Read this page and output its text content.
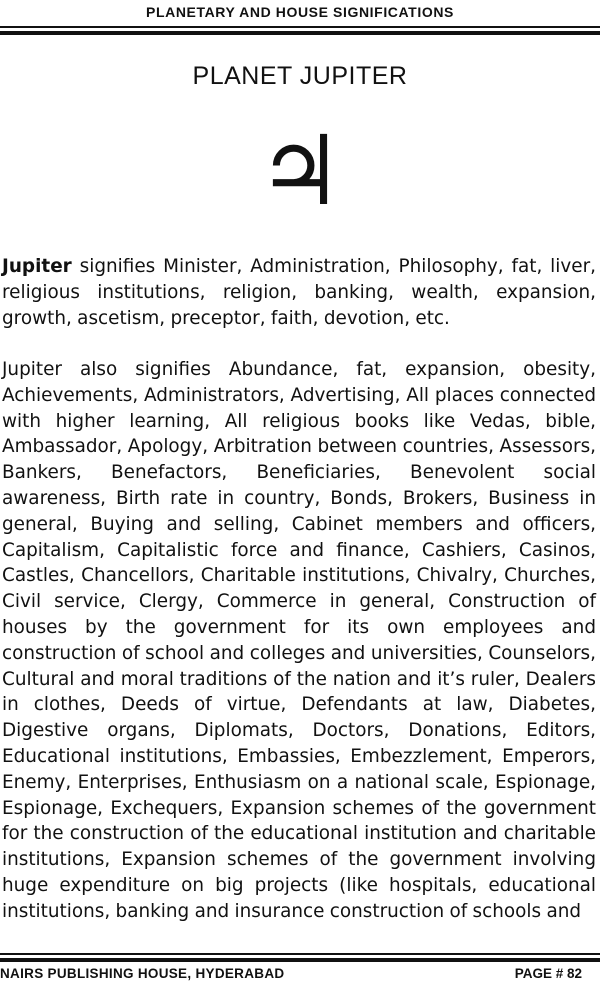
PLANETARY AND HOUSE SIGNIFICATIONS
PLANET JUPITER
♃

Jupiter signifies Minister, Administration, Philosophy, fat, liver, religious institutions, religion, banking, wealth, expansion, growth, ascetism, preceptor, faith, devotion, etc.

Jupiter also signifies Abundance, fat, expansion, obesity, Achievements, Administrators, Advertising, All places connected with higher learning, All religious books like Vedas, bible, Ambassador, Apology, Arbitration between countries, Assessors, Bankers, Benefactors, Beneficiaries, Benevolent social awareness, Birth rate in country, Bonds, Brokers, Business in general, Buying and selling, Cabinet members and officers, Capitalism, Capitalistic force and finance, Cashiers, Casinos, Castles, Chancellors, Charitable institutions, Chivalry, Churches, Civil service, Clergy, Commerce in general, Construction of houses by the government for its own employees and construction of school and colleges and universities, Counselors, Cultural and moral traditions of the nation and it’s ruler, Dealers in clothes, Deeds of virtue, Defendants at law, Diabetes, Digestive organs, Diplomats, Doctors, Donations, Editors, Educational institutions, Embassies, Embezzlement, Emperors, Enemy, Enterprises, Enthusiasm on a national scale, Espionage, Espionage, Exchequers, Expansion schemes of the government for the construction of the educational institution and charitable institutions, Expansion schemes of the government involving huge expenditure on big projects (like hospitals, educational institutions, banking and insurance construction of schools and

NAIRS PUBLISHING HOUSE, HYDERABAD	PAGE # 82
